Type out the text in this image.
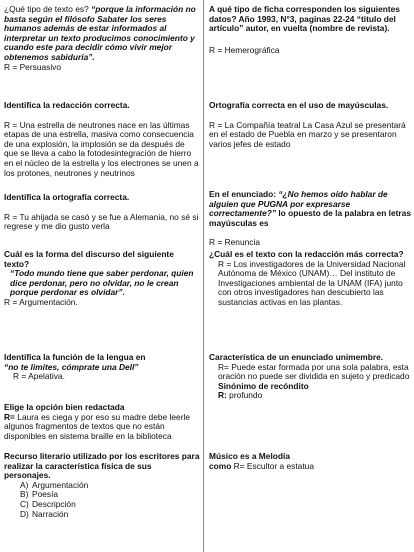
¿Qué tipo de texto es? “porque la información no basta según el filósofo Sabater los seres humanos además de estar informados al interpretar un texto producimos conocimiento y cuando este para decidir cómo vivir mejor obtenemos sabiduría”.

R = Persuasivo

Identifica la redacción correcta.

R = Una estrella de neutrones nace en las últimas etapas de una estrella, masiva como consecuencia de una explosión, la implosión se da después de que se lleva a cabo la fotodesintegración de hierro en el núcleo de la estrella y los electrones se unen a los protones, neutrones y neutrinos

Identifica la ortografía correcta.

R = Tu ahijada se casó y se fue a Alemania, no sé si regrese y me dio gusto verla

Cuál es la forma del discurso del siguiente texto?

“Todo mundo tiene que saber perdonar, quien dice perdonar, pero no olvidar, no le crean porque perdonar es olvidar”.

R = Argumentación.

Identifica la función de la lengua en

“no te limites, cómprate una Dell”

R = Apelativa.

Elige la opción bien redactada

R= Laura es ciega y por eso su madre debe leerle algunos fragmentos de textos que no están disponibles en sistema braille en la biblioteca

Recurso literario utilizado por los escritores para realizar la característica física de sus personajes.

A) Argumentación

B) Poesía

C) Descripción

D) Narración

A qué tipo de ficha corresponden los siguientes datos? Año 1993, N°3, paginas 22-24 “titulo del artículo” autor, en vuelta (nombre de revista).

R = Hemerográfica

Ortografía correcta en el uso de mayúsculas.

R = La Compañía teatral La Casa Azul se presentará en el estado de Puebla en marzo y se presentaron varios jefes de estado

En el enunciado: “¿No hemos oído hablar de alguien que PUGNA por expresarse correctamente?” lo opuesto de la palabra en letras mayúsculas es

R = Renuncia

¿Cuál es el texto con la redacción más correcta?

R = Los investigadores de la Universidad Nacional Autónoma de México (UNAM)… Del instituto de Investigaciones ambiental de la UNAM (IFA) junto con otros investigadores han descubierto las sustancias activas en las plantas.

Característica de un enunciado unimembre.

R= Puede estar formada por una sola palabra, esta oración no puede ser dividida en sujeto y predicado

Sinónimo de recóndito

R: profundo

Músico es a Melodía

como R= Escultor a estatua
